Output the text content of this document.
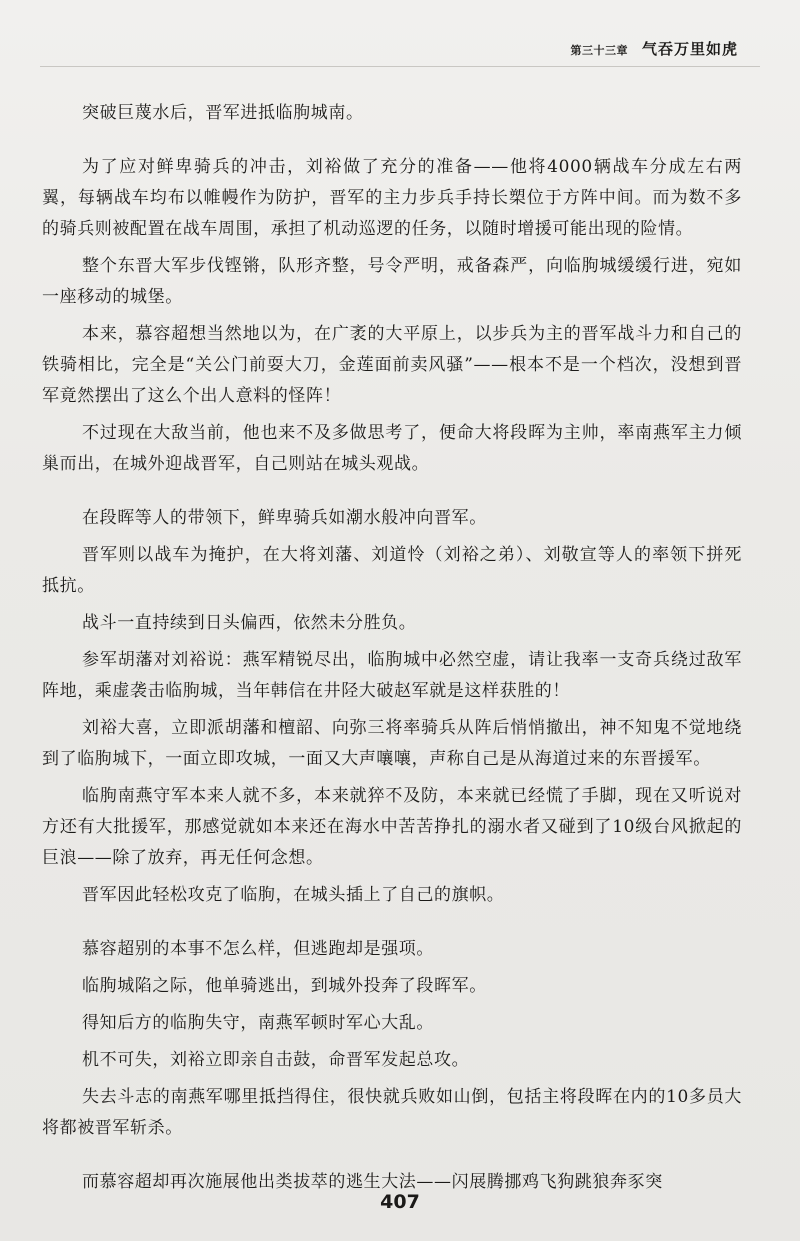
第三十三章 气吞万里如虎

突破巨蔑水后，晋军进抵临朐城南。

为了应对鲜卑骑兵的冲击，刘裕做了充分的准备——他将4000辆战车分成左右两翼，每辆战车均布以帷幔作为防护，晋军的主力步兵手持长槊位于方阵中间。而为数不多的骑兵则被配置在战车周围，承担了机动巡逻的任务，以随时增援可能出现的险情。

整个东晋大军步伐铿锵，队形齐整，号令严明，戒备森严，向临朐城缓缓行进，宛如一座移动的城堡。

本来，慕容超想当然地以为，在广袤的大平原上，以步兵为主的晋军战斗力和自己的铁骑相比，完全是“关公门前耍大刀，金莲面前卖风骚”——根本不是一个档次，没想到晋军竟然摆出了这么个出人意料的怪阵！

不过现在大敌当前，他也来不及多做思考了，便命大将段晖为主帅，率南燕军主力倾巢而出，在城外迎战晋军，自己则站在城头观战。

在段晖等人的带领下，鲜卑骑兵如潮水般冲向晋军。

晋军则以战车为掩护，在大将刘藩、刘道怜（刘裕之弟）、刘敬宣等人的率领下拼死抵抗。

战斗一直持续到日头偏西，依然未分胜负。

参军胡藩对刘裕说：燕军精锐尽出，临朐城中必然空虚，请让我率一支奇兵绕过敌军阵地，乘虚袭击临朐城，当年韩信在井陉大破赵军就是这样获胜的！

刘裕大喜，立即派胡藩和檀韶、向弥三将率骑兵从阵后悄悄撤出，神不知鬼不觉地绕到了临朐城下，一面立即攻城，一面又大声嚷嚷，声称自己是从海道过来的东晋援军。

临朐南燕守军本来人就不多，本来就猝不及防，本来就已经慌了手脚，现在又听说对方还有大批援军，那感觉就如本来还在海水中苦苦挣扎的溺水者又碰到了10级台风掀起的巨浪——除了放弃，再无任何念想。

晋军因此轻松攻克了临朐，在城头插上了自己的旗帜。

慕容超别的本事不怎么样，但逃跑却是强项。

临朐城陷之际，他单骑逃出，到城外投奔了段晖军。

得知后方的临朐失守，南燕军顿时军心大乱。

机不可失，刘裕立即亲自击鼓，命晋军发起总攻。

失去斗志的南燕军哪里抵挡得住，很快就兵败如山倒，包括主将段晖在内的10多员大将都被晋军斩杀。

而慕容超却再次施展他出类拔萃的逃生大法——闪展腾挪鸡飞狗跳狼奔豕突

407
